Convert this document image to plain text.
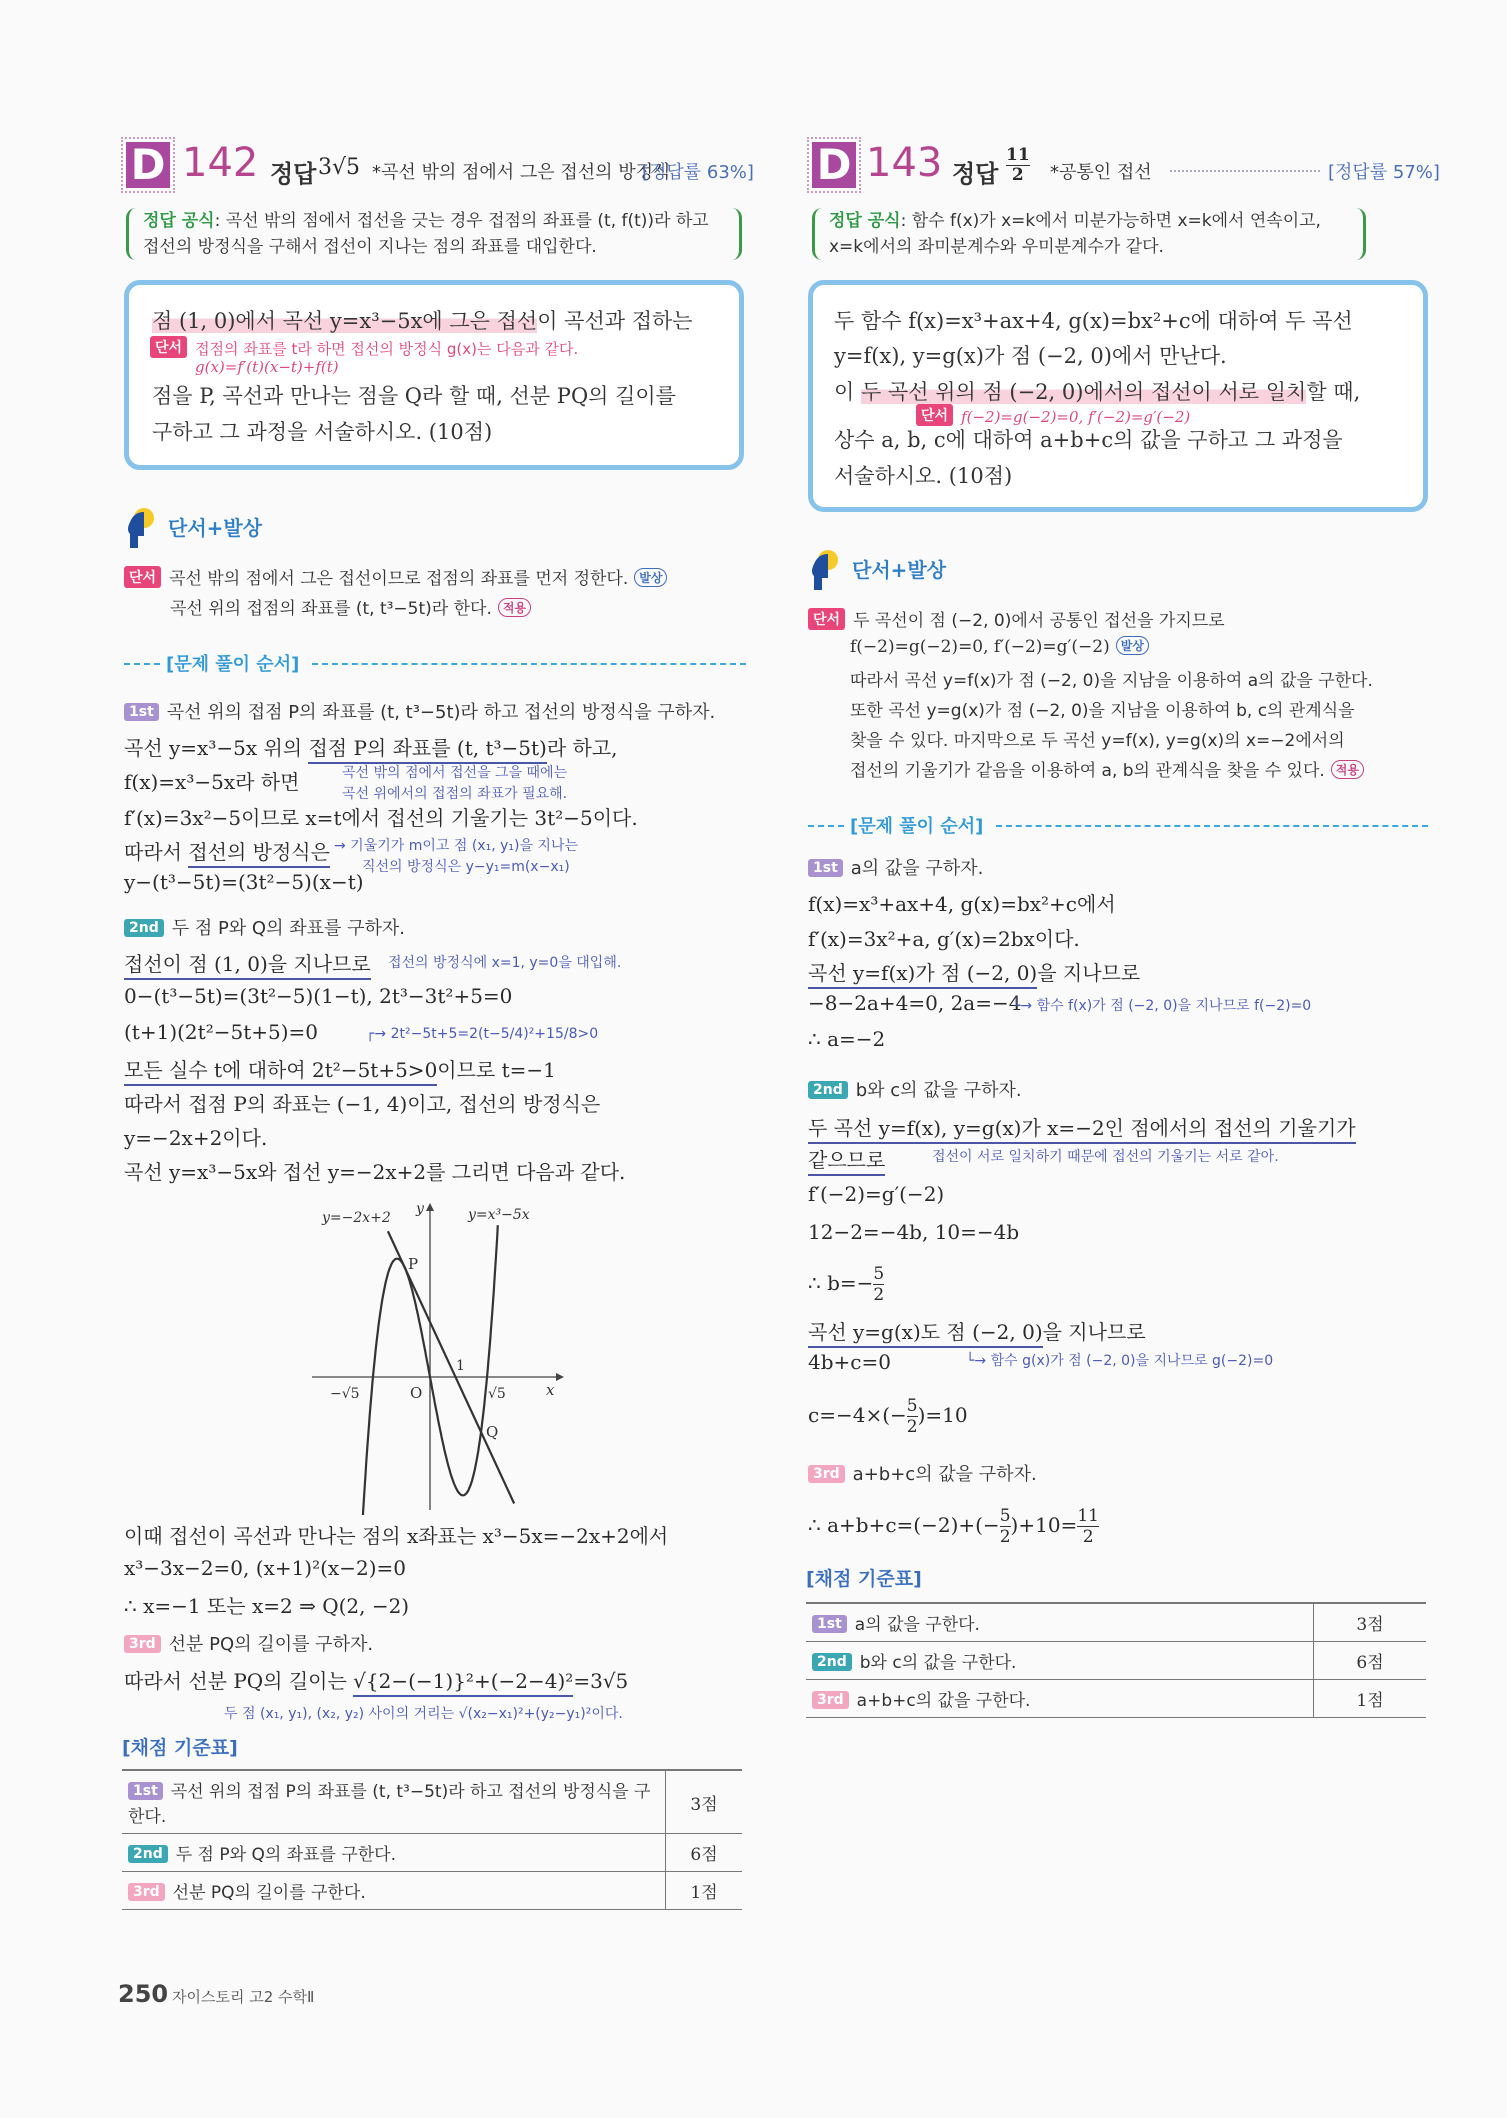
D 142 정답 3√5 *곡선 밖의 점에서 그은 접선의 방정식
[정답률 63%]
정답 공식: 곡선 밖의 점에서 접선을 긋는 경우 접점의 좌표를 (t, f(t))라 하고
접선의 방정식을 구해서 접선이 지나는 점의 좌표를 대입한다.
점 (1, 0)에서 곡선 y=x³−5x에 그은 접선이 곡선과 접하는
단서 접점의 좌표를 t라 하면 접선의 방정식 g(x)는 다음과 같다.
g(x)=f′(t)(x−t)+f(t)
점을 P, 곡선과 만나는 점을 Q라 할 때, 선분 PQ의 길이를
구하고 그 과정을 서술하시오. (10점)
단서+발상
단서 곡선 밖의 점에서 그은 접선이므로 접점의 좌표를 먼저 정한다. 발상
곡선 위의 접점의 좌표를 (t, t³−5t)라 한다. 적용
[문제 풀이 순서]
1st 곡선 위의 접점 P의 좌표를 (t, t³−5t)라 하고 접선의 방정식을 구하자.
곡선 y=x³−5x 위의 접점 P의 좌표를 (t, t³−5t)라 하고,
f(x)=x³−5x라 하면	곡선 밖의 점에서 접선을 그을 때에는
곡선 위에서의 접점의 좌표가 필요해.
f′(x)=3x²−5이므로 x=t에서 접선의 기울기는 3t²−5이다.
따라서 접선의 방정식은 → 기울기가 m이고 점 (x₁, y₁)을 지나는
직선의 방정식은 y−y₁=m(x−x₁)
y−(t³−5t)=(3t²−5)(x−t)
2nd 두 점 P와 Q의 좌표를 구하자.
접선이 점 (1, 0)을 지나므로 접선의 방정식에 x=1, y=0을 대입해.
0−(t³−5t)=(3t²−5)(1−t), 2t³−3t²+5=0
(t+1)(2t²−5t+5)=0	┌→ 2t²−5t+5=2(t−5/4)²+15/8>0
모든 실수 t에 대하여 2t²−5t+5>0이므로 t=−1
따라서 접점 P의 좌표는 (−1, 4)이고, 접선의 방정식은
y=−2x+2이다.
곡선 y=x³−5x와 접선 y=−2x+2를 그리면 다음과 같다.
y=−2x+2
y	y=x³−5x
P
1
O
−√5	√5	x
Q
이때 접선이 곡선과 만나는 점의 x좌표는 x³−5x=−2x+2에서
x³−3x−2=0, (x+1)²(x−2)=0
∴ x=−1 또는 x=2 ⇒ Q(2, −2)
3rd 선분 PQ의 길이를 구하자.
따라서 선분 PQ의 길이는 √{2−(−1)}²+(−2−4)²=3√5
두 점 (x₁, y₁), (x₂, y₂) 사이의 거리는 √(x₂−x₁)²+(y₂−y₁)²이다.
[채점 기준표]
1st 곡선 위의 접점 P의 좌표를 (t, t³−5t)라 하고 접선의 방정식을 구한다.	3점
2nd 두 점 P와 Q의 좌표를 구한다.	6점
3rd 선분 PQ의 길이를 구한다.	1점
250 자이스토리 고2 수학Ⅱ
D 143 정답
11
2	*공통인 접선	[정답률 57%]
정답 공식: 함수 f(x)가 x=k에서 미분가능하면 x=k에서 연속이고,
x=k에서의 좌미분계수와 우미분계수가 같다.
두 함수 f(x)=x³+ax+4, g(x)=bx²+c에 대하여 두 곡선
y=f(x), y=g(x)가 점 (−2, 0)에서 만난다.
이 두 곡선 위의 점 (−2, 0)에서의 접선이 서로 일치할 때,
단서 f(−2)=g(−2)=0, f′(−2)=g′(−2)
상수 a, b, c에 대하여 a+b+c의 값을 구하고 그 과정을
서술하시오. (10점)
단서+발상
단서 두 곡선이 점 (−2, 0)에서 공통인 접선을 가지므로
f(−2)=g(−2)=0, f′(−2)=g′(−2) 발상
따라서 곡선 y=f(x)가 점 (−2, 0)을 지남을 이용하여 a의 값을 구한다.
또한 곡선 y=g(x)가 점 (−2, 0)을 지남을 이용하여 b, c의 관계식을
찾을 수 있다. 마지막으로 두 곡선 y=f(x), y=g(x)의 x=−2에서의
접선의 기울기가 같음을 이용하여 a, b의 관계식을 찾을 수 있다. 적용
[문제 풀이 순서]
1st a의 값을 구하자.
f(x)=x³+ax+4, g(x)=bx²+c에서
f′(x)=3x²+a, g′(x)=2bx이다.
곡선 y=f(x)가 점 (−2, 0)을 지나므로
−8−2a+4=0, 2a=−4
└→ 함수 f(x)가 점 (−2, 0)을 지나므로 f(−2)=0
∴ a=−2
2nd b와 c의 값을 구하자.
두 곡선 y=f(x), y=g(x)가 x=−2인 점에서의 접선의 기울기가
같으므로	접선이 서로 일치하기 때문에 접선의 기울기는 서로 같아.
f′(−2)=g′(−2)
12−2=−4b, 10=−4b
∴ $b=- \frac{5}{2}$
곡선 y=g(x)도 점 (−2, 0)을 지나므로
4b+c=0	└→ 함수 g(x)가 점 (−2, 0)을 지나므로 g(−2)=0
$c=-4\times(- \frac{5}{2} )=10$
3rd a+b+c의 값을 구하자.
∴ $a+b+c=(-2)+(- \frac{5}{2} )+10= \frac{11}{2}$
[채점 기준표]
1st a의 값을 구한다.	3점
2nd b와 c의 값을 구한다.	6점
3rd a+b+c의 값을 구한다.	1점
